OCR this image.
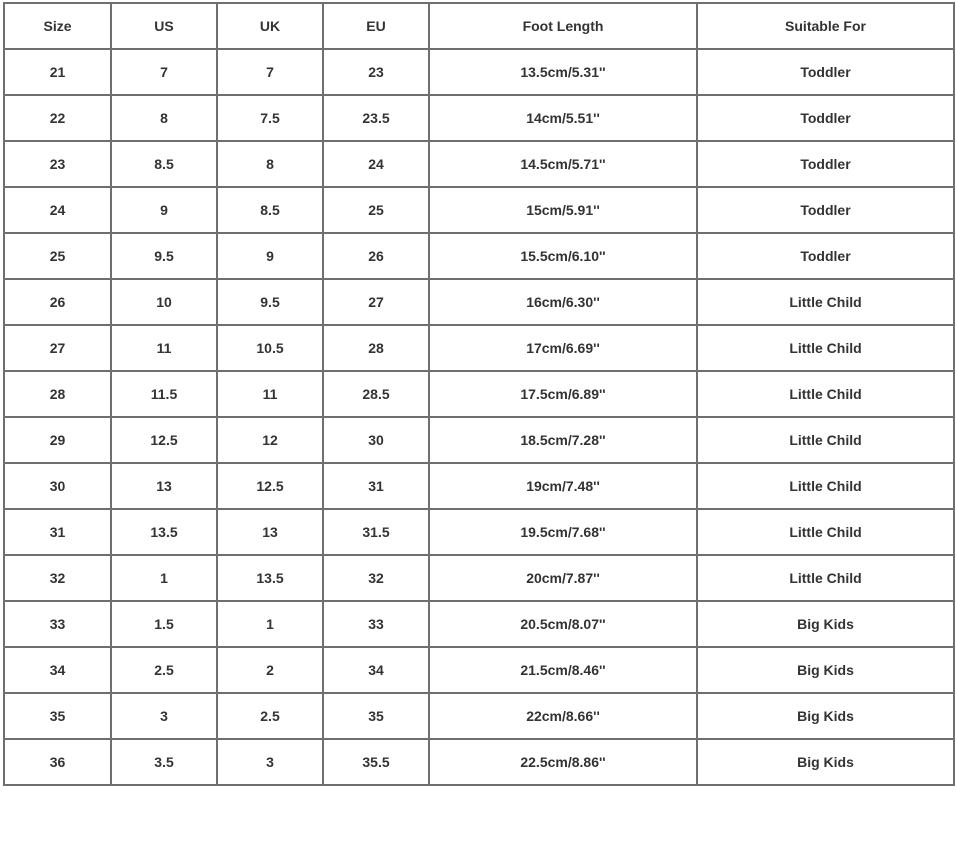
Size	US	UK	EU	Foot Length	Suitable For
21	7	7	23	13.5cm/5.31''	Toddler
22	8	7.5	23.5	14cm/5.51''	Toddler
23	8.5	8	24	14.5cm/5.71''	Toddler
24	9	8.5	25	15cm/5.91''	Toddler
25	9.5	9	26	15.5cm/6.10''	Toddler
26	10	9.5	27	16cm/6.30''	Little Child
27	11	10.5	28	17cm/6.69''	Little Child
28	11.5	11	28.5	17.5cm/6.89''	Little Child
29	12.5	12	30	18.5cm/7.28''	Little Child
30	13	12.5	31	19cm/7.48''	Little Child
31	13.5	13	31.5	19.5cm/7.68''	Little Child
32	1	13.5	32	20cm/7.87''	Little Child
33	1.5	1	33	20.5cm/8.07''	Big Kids
34	2.5	2	34	21.5cm/8.46''	Big Kids
35	3	2.5	35	22cm/8.66''	Big Kids
36	3.5	3	35.5	22.5cm/8.86''	Big Kids
